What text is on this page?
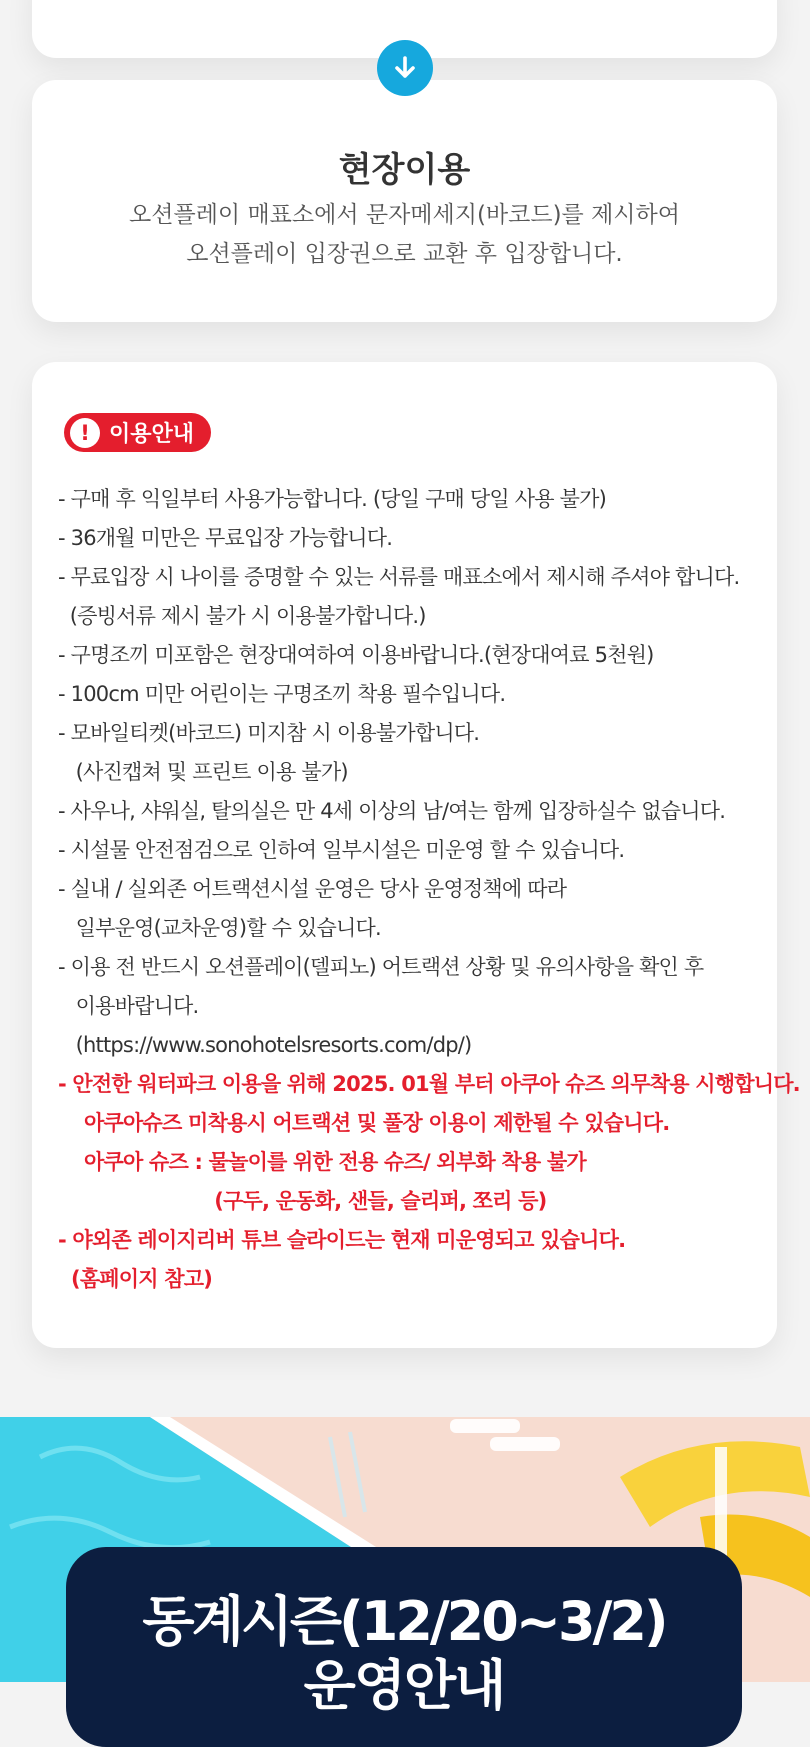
현장이용

오션플레이 매표소에서 문자메세지(바코드)를 제시하여
오션플레이 입장권으로 교환 후 입장합니다.

! 이용안내
- 구매 후 익일부터 사용가능합니다. (당일 구매 당일 사용 불가)
- 36개월 미만은 무료입장 가능합니다.
- 무료입장 시 나이를 증명할 수 있는 서류를 매표소에서 제시해 주셔야 합니다.
(증빙서류 제시 불가 시 이용불가합니다.)
- 구명조끼 미포함은 현장대여하여 이용바랍니다.(현장대여료 5천원)
- 100cm 미만 어린이는 구명조끼 착용 필수입니다.
- 모바일티켓(바코드) 미지참 시 이용불가합니다.
(사진캡쳐 및 프린트 이용 불가)
- 사우나, 샤워실, 탈의실은 만 4세 이상의 남/여는 함께 입장하실수 없습니다.
- 시설물 안전점검으로 인하여 일부시설은 미운영 할 수 있습니다.
- 실내 / 실외존 어트랙션시설 운영은 당사 운영정책에 따라
일부운영(교차운영)할 수 있습니다.
- 이용 전 반드시 오션플레이(델피노) 어트랙션 상황 및 유의사항을 확인 후
이용바랍니다.
(https://www.sonohotelsresorts.com/dp/)
- 안전한 워터파크 이용을 위해 2025. 01월 부터 아쿠아 슈즈 의무착용 시행합니다.
아쿠아슈즈 미착용시 어트랙션 및 풀장 이용이 제한될 수 있습니다.
아쿠아 슈즈 : 물놀이를 위한 전용 슈즈/ 외부화 착용 불가
(구두, 운동화, 샌들, 슬리퍼, 쪼리 등)
- 야외존 레이지리버 튜브 슬라이드는 현재 미운영되고 있습니다.
(홈페이지 참고)
동계시즌(12/20~3/2)
운영안내
